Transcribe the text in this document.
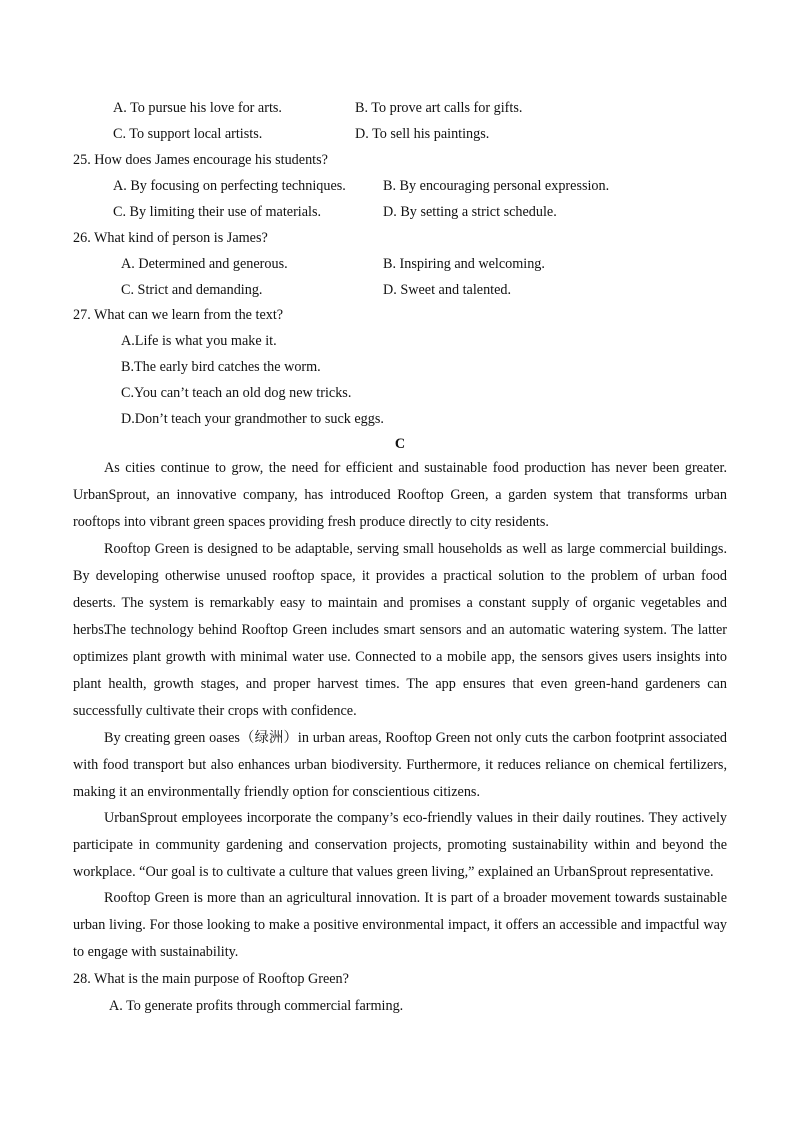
A. To pursue his love for arts.	B. To prove art calls for gifts.
C. To support local artists.	D. To sell his paintings.
25. How does James encourage his students?
A. By focusing on perfecting techniques.	B. By encouraging personal expression.
C. By limiting their use of materials.	D. By setting a strict schedule.
26. What kind of person is James?
A. Determined and generous.	B. Inspiring and welcoming.
C. Strict and demanding.	D. Sweet and talented.
27. What can we learn from the text?
A.Life is what you make it.
B.The early bird catches the worm.
C.You can’t teach an old dog new tricks.
D.Don’t teach your grandmother to suck eggs.
C

As cities continue to grow, the need for efficient and sustainable food production has never been greater. UrbanSprout, an innovative company, has introduced Rooftop Green, a garden system that transforms urban rooftops into vibrant green spaces providing fresh produce directly to city residents.

Rooftop Green is designed to be adaptable, serving small households as well as large commercial buildings. By developing otherwise unused rooftop space, it provides a practical solution to the problem of urban food deserts. The system is remarkably easy to maintain and promises a constant supply of organic vegetables and herbs.

The technology behind Rooftop Green includes smart sensors and an automatic watering system. The latter optimizes plant growth with minimal water use. Connected to a mobile app, the sensors gives users insights into plant health, growth stages, and proper harvest times. The app ensures that even green-hand gardeners can successfully cultivate their crops with confidence.

By creating green oases（绿洲）in urban areas, Rooftop Green not only cuts the carbon footprint associated with food transport but also enhances urban biodiversity. Furthermore, it reduces reliance on chemical fertilizers, making it an environmentally friendly option for conscientious citizens.

UrbanSprout employees incorporate the company’s eco-friendly values in their daily routines. They actively participate in community gardening and conservation projects, promoting sustainability within and beyond the workplace. “Our goal is to cultivate a culture that values green living,” explained an UrbanSprout representative.

Rooftop Green is more than an agricultural innovation. It is part of a broader movement towards sustainable urban living. For those looking to make a positive environmental impact, it offers an accessible and impactful way to engage with sustainability.

28. What is the main purpose of Rooftop Green?
A. To generate profits through commercial farming.
